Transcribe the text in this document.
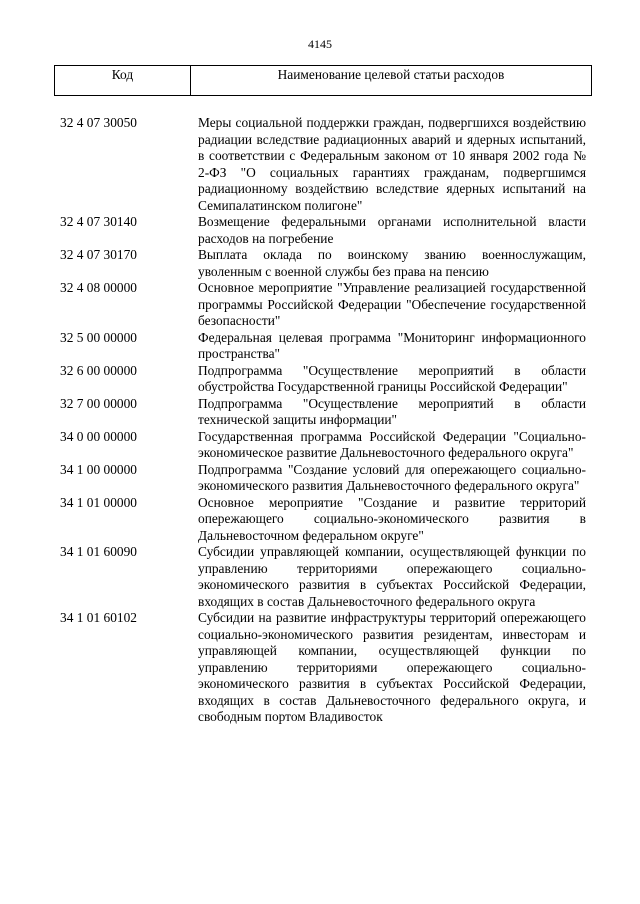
4145
Код	Наименование целевой статьи расходов
32 4 07 30050	Меры социальной поддержки граждан, подвергшихся воздействию радиации вследствие радиационных аварий и ядерных испытаний, в соответствии с Федеральным законом от 10 января 2002 года № 2-ФЗ "О социальных гарантиях гражданам, подвергшимся радиационному воздействию вследствие ядерных испытаний на Семипалатинском полигоне"
32 4 07 30140	Возмещение федеральными органами исполнительной власти расходов на погребение
32 4 07 30170	Выплата оклада по воинскому званию военнослужащим, уволенным с военной службы без права на пенсию
32 4 08 00000	Основное мероприятие "Управление реализацией государственной программы Российской Федерации "Обеспечение государственной безопасности"
32 5 00 00000	Федеральная целевая программа "Мониторинг информационного пространства"
32 6 00 00000	Подпрограмма "Осуществление мероприятий в области обустройства Государственной границы Российской Федерации"
32 7 00 00000	Подпрограмма "Осуществление мероприятий в области технической защиты информации"
34 0 00 00000	Государственная программа Российской Федерации "Социально-экономическое развитие Дальневосточного федерального округа"
34 1 00 00000	Подпрограмма "Создание условий для опережающего социально-экономического развития Дальневосточного федерального округа"
34 1 01 00000	Основное мероприятие "Создание и развитие территорий опережающего социально-экономического развития в Дальневосточном федеральном округе"
34 1 01 60090	Субсидии управляющей компании, осуществляющей функции по управлению территориями опережающего социально-экономического развития в субъектах Российской Федерации, входящих в состав Дальневосточного федерального округа
34 1 01 60102	Субсидии на развитие инфраструктуры территорий опережающего социально-экономического развития резидентам, инвесторам и управляющей компании, осуществляющей функции по управлению территориями опережающего социально-экономического развития в субъектах Российской Федерации, входящих в состав Дальневосточного федерального округа, и свободным портом Владивосток
